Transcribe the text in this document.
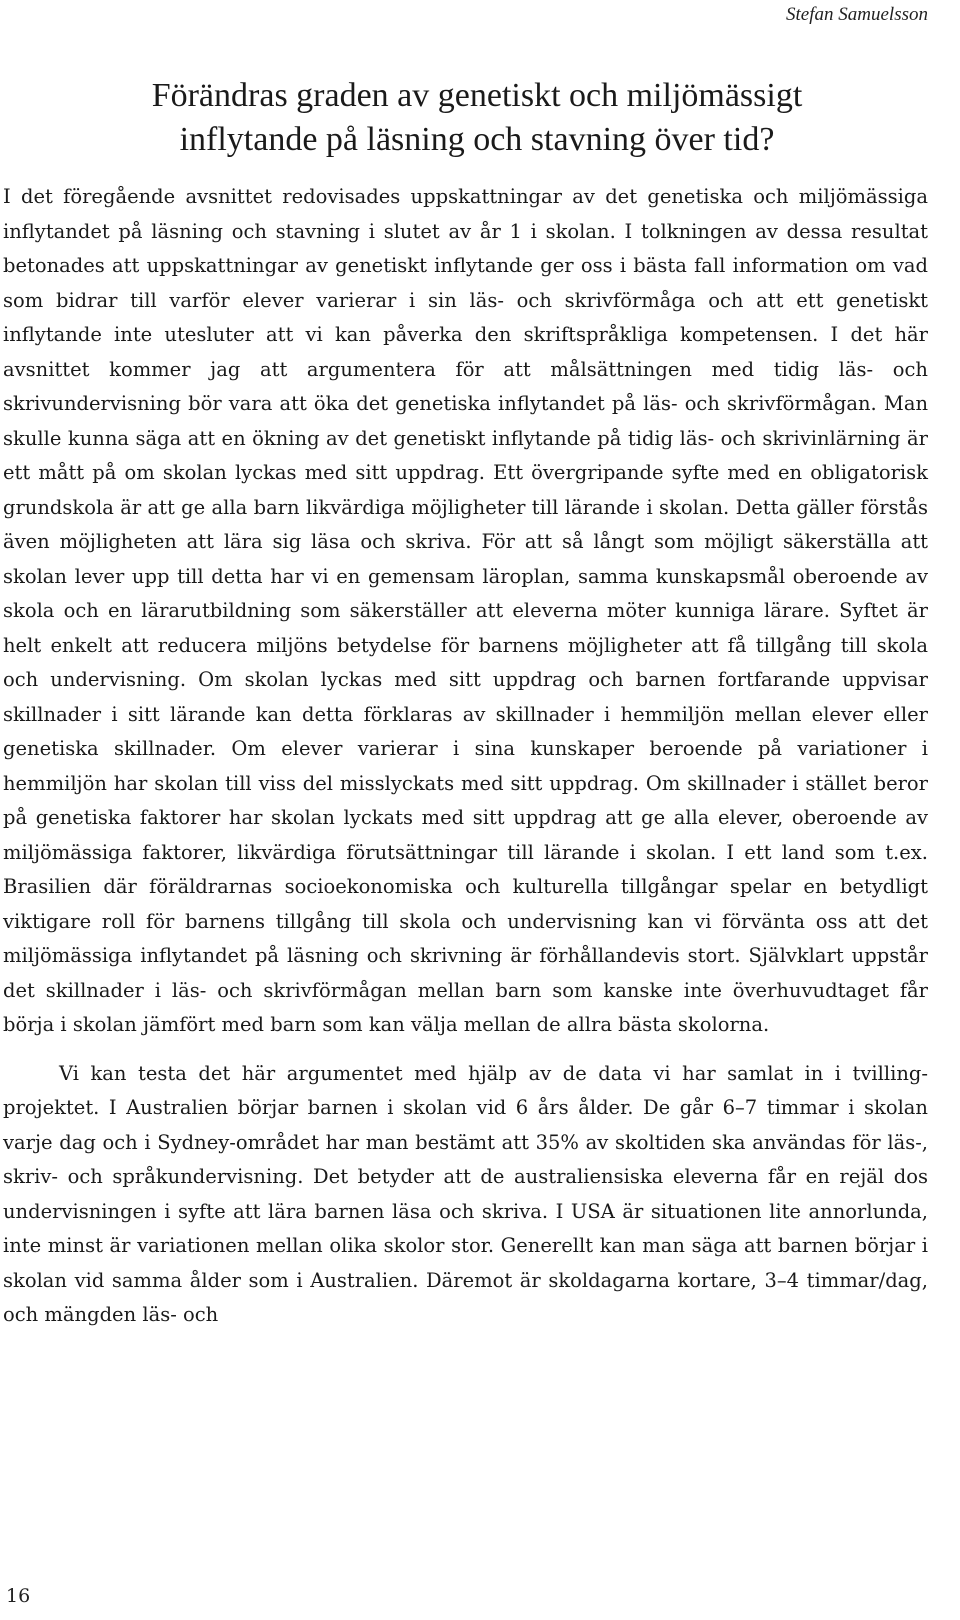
Stefan Samuelsson
Förändras graden av genetiskt och miljömässigt
inflytande på läsning och stavning över tid?

I det föregående avsnittet redovisades uppskattningar av det genetiska och miljömässiga inflytandet på läsning och stavning i slutet av år 1 i skolan. I tolkningen av dessa resultat betonades att uppskattningar av genetiskt inflytande ger oss i bästa fall information om vad som bidrar till varför elever varierar i sin läs- och skrivförmåga och att ett genetiskt inflytande inte utesluter att vi kan påverka den skriftspråkliga kompetensen. I det här avsnittet kommer jag att argumentera för att målsättningen med tidig läs- och skrivundervisning bör vara att öka det genetiska inflytandet på läs- och skrivförmågan. Man skulle kunna säga att en ökning av det genetiskt inflytande på tidig läs- och skrivinlärning är ett mått på om skolan lyckas med sitt uppdrag. Ett övergripande syfte med en obligatorisk grundskola är att ge alla barn likvärdiga möjligheter till lärande i skolan. Detta gäller förstås även möjligheten att lära sig läsa och skriva. För att så långt som möjligt säkerställa att skolan lever upp till detta har vi en gemensam läroplan, samma kunskapsmål oberoende av skola och en lärarutbildning som säkerställer att eleverna möter kunniga lärare. Syftet är helt enkelt att reducera miljöns betydelse för barnens möjligheter att få tillgång till skola och undervisning. Om skolan lyckas med sitt uppdrag och barnen fortfarande uppvisar skillnader i sitt lärande kan detta förklaras av skillnader i hemmiljön mellan elever eller genetiska skillnader. Om elever varierar i sina kunskaper beroende på variationer i hemmiljön har skolan till viss del misslyckats med sitt uppdrag. Om skillnader i stället beror på genetiska faktorer har skolan lyckats med sitt uppdrag att ge alla elever, oberoende av miljömässiga faktorer, likvärdiga förutsättningar till lärande i skolan. I ett land som t.ex. Brasilien där föräldrarnas socioekonomiska och kulturella tillgångar spelar en betydligt viktigare roll för barnens tillgång till skola och undervisning kan vi förvänta oss att det miljömässiga inflytandet på läsning och skrivning är förhållandevis stort. Självklart uppstår det skillnader i läs- och skrivförmågan mellan barn som kanske inte överhuvudtaget får börja i skolan jämfört med barn som kan välja mellan de allra bästa skolorna.

Vi kan testa det här argumentet med hjälp av de data vi har samlat in i tvillingprojektet. I Australien börjar barnen i skolan vid 6 års ålder. De går 6–7 timmar i skolan varje dag och i Sydney-området har man bestämt att 35% av skoltiden ska användas för läs-, skriv- och språkundervisning. Det betyder att de australiensiska eleverna får en rejäl dos undervisningen i syfte att lära barnen läsa och skriva. I USA är situationen lite annorlunda, inte minst är variationen mellan olika skolor stor. Generellt kan man säga att barnen börjar i skolan vid samma ålder som i Australien. Däremot är skoldagarna kortare, 3–4 timmar/dag, och mängden läs- och

16
